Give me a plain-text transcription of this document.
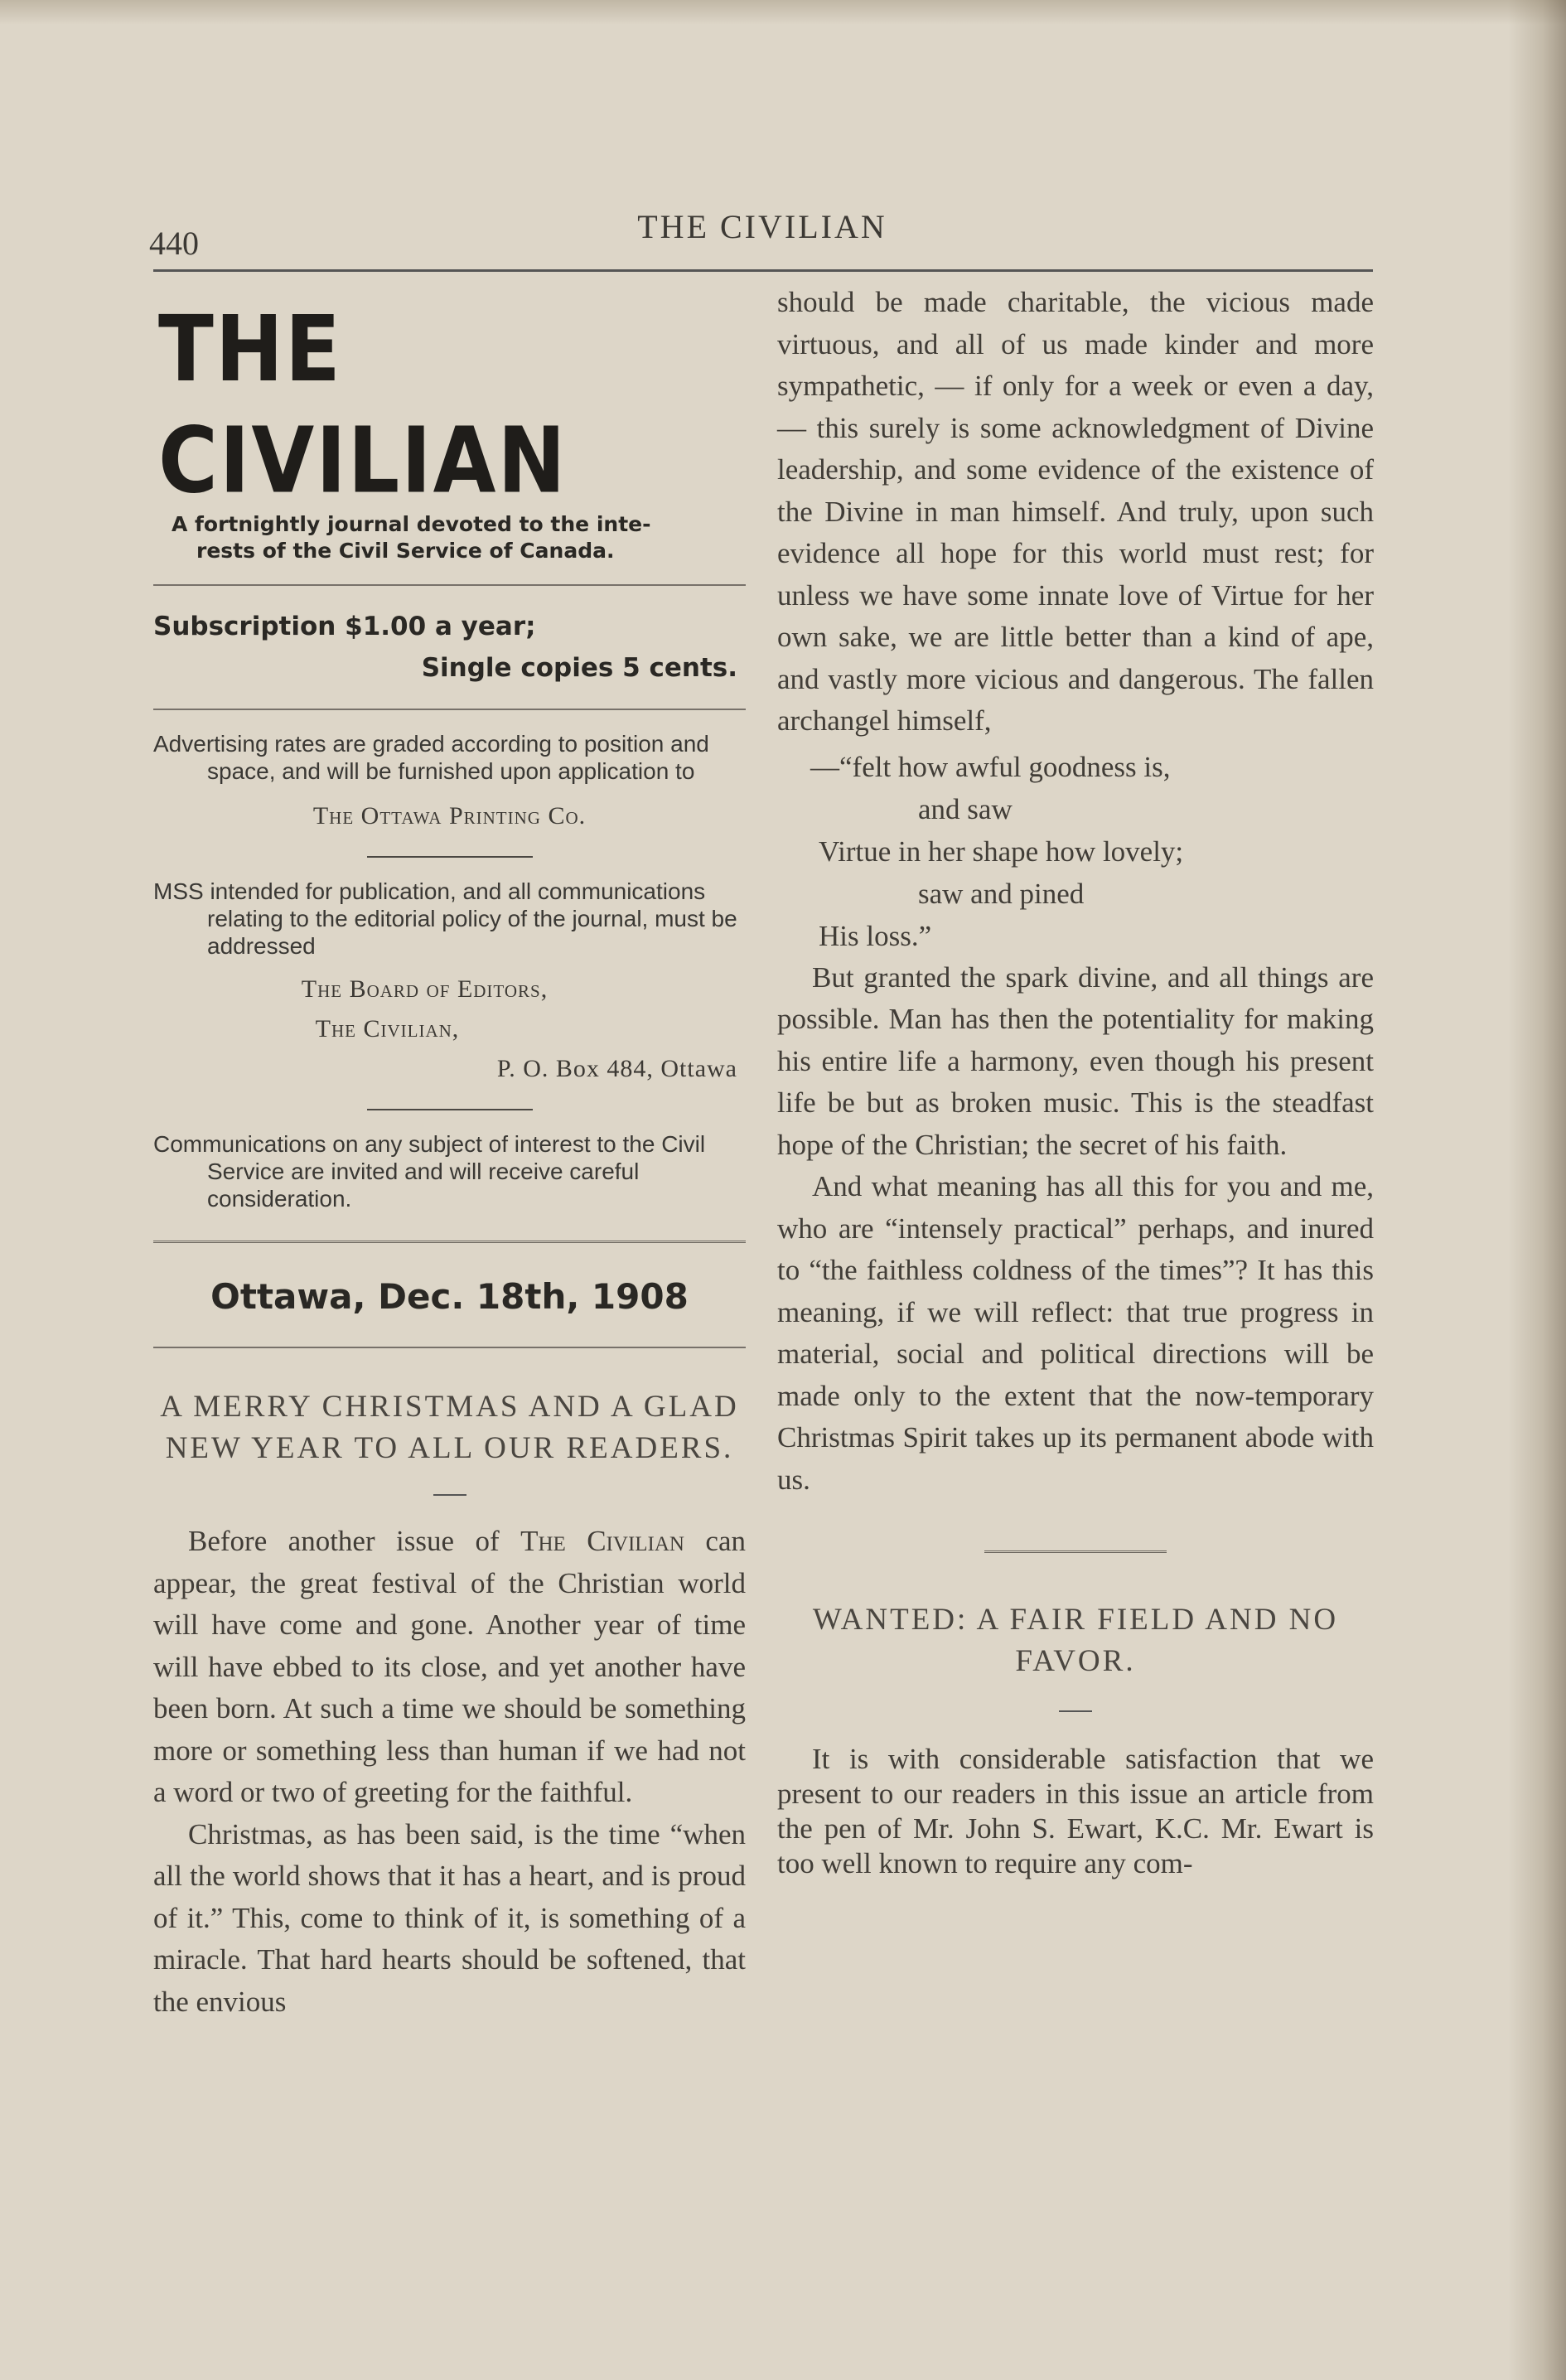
440	THE CIVILIAN
THE CIVILIAN
A fortnightly journal devoted to the inte-
rests of the Civil Service of Canada.
Subscription $1.00 a year;
Single copies 5 cents.
Advertising rates are graded according to position and space, and will be furnished upon application to
The Ottawa Printing Co.
MSS intended for publication, and all communications relating to the editorial policy of the journal, must be addressed
The Board of Editors,
The Civilian,
P. O. Box 484, Ottawa
Communications on any subject of interest to the Civil Service are invited and will receive careful consideration.
Ottawa, Dec. 18th, 1908
A MERRY CHRISTMAS AND A GLAD NEW YEAR TO ALL OUR READERS.

Before another issue of The Civilian can appear, the great festival of the Christian world will have come and gone. Another year of time will have ebbed to its close, and yet another have been born. At such a time we should be something more or something less than human if we had not a word or two of greeting for the faithful.

Christmas, as has been said, is the time “when all the world shows that it has a heart, and is proud of it.” This, come to think of it, is something of a miracle. That hard hearts should be softened, that the envious

should be made charitable, the vicious made virtuous, and all of us made kinder and more sympathetic, — if only for a week or even a day, — this surely is some acknowledgment of Divine leadership, and some evidence of the existence of the Divine in man himself. And truly, upon such evidence all hope for this world must rest; for unless we have some innate love of Virtue for her own sake, we are little better than a kind of ape, and vastly more vicious and dangerous. The fallen archangel himself,

—“felt how awful goodness is,
and saw
Virtue in her shape how lovely;
saw and pined
His loss.”

But granted the spark divine, and all things are possible. Man has then the potentiality for making his entire life a harmony, even though his present life be but as broken music. This is the steadfast hope of the Christian; the secret of his faith.

And what meaning has all this for you and me, who are “intensely practical” perhaps, and inured to “the faithless coldness of the times”? It has this meaning, if we will reflect: that true progress in material, social and political directions will be made only to the extent that the now-temporary Christmas Spirit takes up its permanent abode with us.

WANTED: A FAIR FIELD AND NO FAVOR.

It is with considerable satisfaction that we present to our readers in this issue an article from the pen of Mr. John S. Ewart, K.C. Mr. Ewart is too well known to require any com-
